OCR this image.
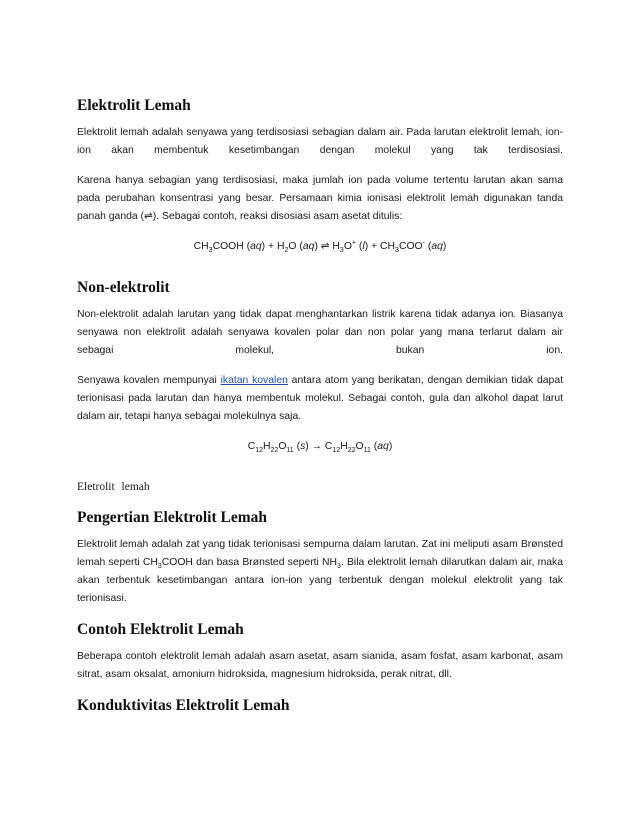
Elektrolit Lemah

Elektrolit lemah adalah senyawa yang terdisosiasi sebagian dalam air. Pada larutan elektrolit lemah, ion-ion akan membentuk kesetimbangan dengan molekul yang tak terdisosiasi.

Karena hanya sebagian yang terdisosiasi, maka jumlah ion pada volume tertentu larutan akan sama pada perubahan konsentrasi yang besar. Persamaan kimia ionisasi elektrolit lemah digunakan tanda panah ganda (⇌). Sebagai contoh, reaksi disosiasi asam asetat ditulis:

$CH_3COOH$ $(aq) + H_2O$ (aq) ⇌ $H_3O^+$ $(l) + CH_3COO^-$ (aq)
Non-elektrolit

Non-elektrolit adalah larutan yang tidak dapat menghantarkan listrik karena tidak adanya ion. Biasanya senyawa non elektrolit adalah senyawa kovalen polar dan non polar yang mana terlarut dalam air sebagai molekul, bukan ion.

Senyawa kovalen mempunyai ikatan kovalen antara atom yang berikatan, dengan demikian tidak dapat terionisasi pada larutan dan hanya membentuk molekul. Sebagai contoh, gula dan alkohol dapat larut dalam air, tetapi hanya sebagai molekulnya saja.

$C_{12}H_{22}O_{11}$ $(s) \to C_{12}H_{22}O_{11}$ (aq)
Eletrolit lemah
Pengertian Elektrolit Lemah

Elektrolit lemah adalah zat yang tidak terionisasi sempurna dalam larutan. Zat ini meliputi asam Brønsted lemah seperti $CH_3COOH$ dan basa Brønsted seperti $NH_3$. Bila elektrolit lemah dilarutkan dalam air, maka akan terbentuk kesetimbangan antara ion-ion yang terbentuk dengan molekul elektrolit yang tak terionisasi.

Contoh Elektrolit Lemah

Beberapa contoh elektrolit lemah adalah asam asetat, asam sianida, asam fosfat, asam karbonat, asam sitrat, asam oksalat, amonium hidroksida, magnesium hidroksida, perak nitrat, dll.

Konduktivitas Elektrolit Lemah
